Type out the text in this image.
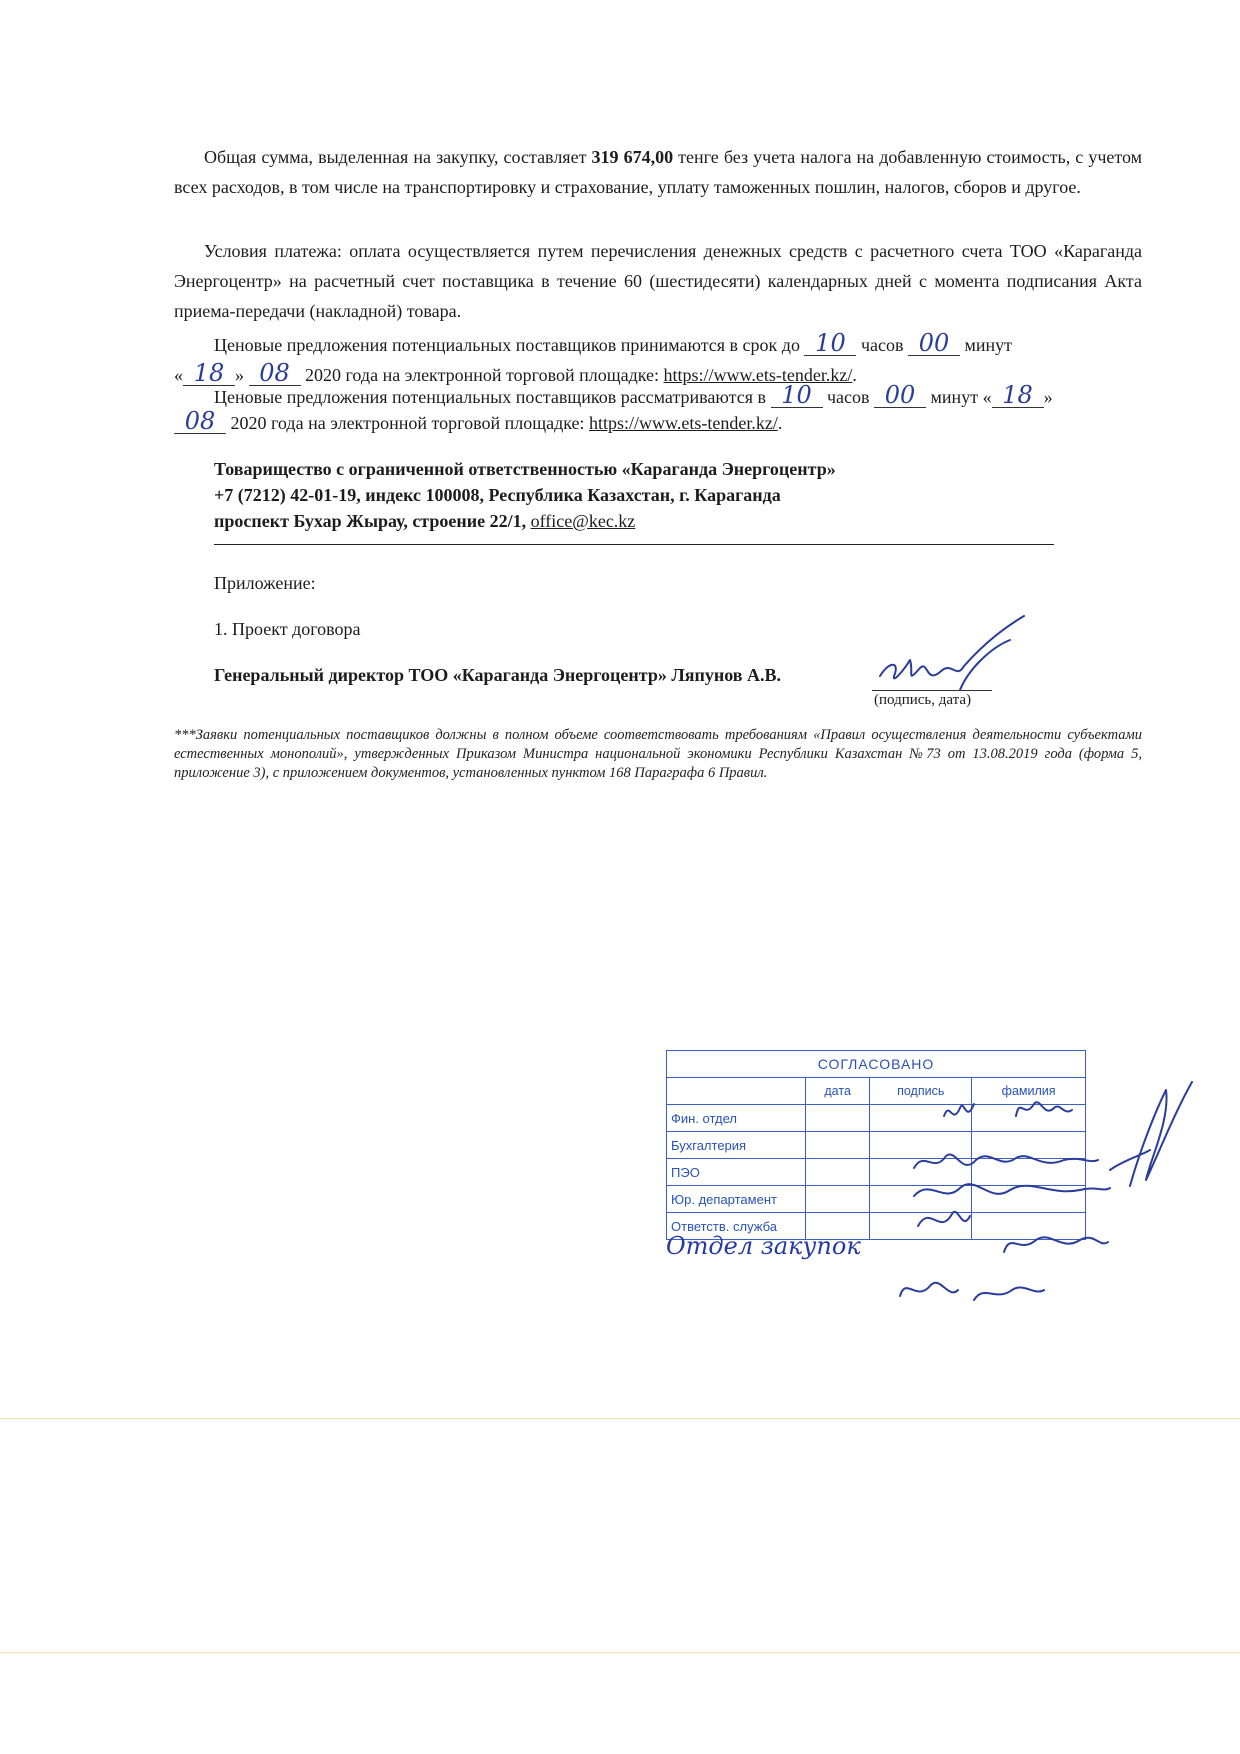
Общая сумма, выделенная на закупку, составляет 319 674,00 тенге без учета налога на добавленную стоимость, с учетом всех расходов, в том числе на транспортировку и страхование, уплату таможенных пошлин, налогов, сборов и другое.
Условия платежа: оплата осуществляется путем перечисления денежных средств с расчетного счета ТОО «Караганда Энергоцентр» на расчетный счет поставщика в течение 60 (шестидесяти) календарных дней с момента подписания Акта приема-передачи (накладной) товара.
Ценовые предложения потенциальных поставщиков принимаются в срок до 10 часов 00 минут
« 18 » 08 2020 года на электронной торговой площадке: https://www.ets-tender.kz/.
Ценовые предложения потенциальных поставщиков рассматриваются в 10 часов 00 минут « 18 »
08 2020 года на электронной торговой площадке: https://www.ets-tender.kz/.
Товарищество с ограниченной ответственностью «Караганда Энергоцентр»
+7 (7212) 42-01-19, индекс 100008, Республика Казахстан, г. Караганда
проспект Бухар Жырау, строение 22/1, office@kec.kz
Приложение:
1. Проект договора
Генеральный директор ТОО «Караганда Энергоцентр» Ляпунов А.В.
(подпись, дата)
***Заявки потенциальных поставщиков должны в полном объеме соответствовать требованиям «Правил осуществления деятельности субъектами естественных монополий», утвержденных Приказом Министра национальной экономики Республики Казахстан №73 от 13.08.2019 года (форма 5, приложение 3), с приложением документов, установленных пунктом 168 Параграфа 6 Правил.
СОГЛАСОВАНО			
	дата	подпись	фамилия
Фин. отдел			
Бухгалтерия			
ПЭО			
Юр. департамент			
Ответств. служба			
Отдел закупок
